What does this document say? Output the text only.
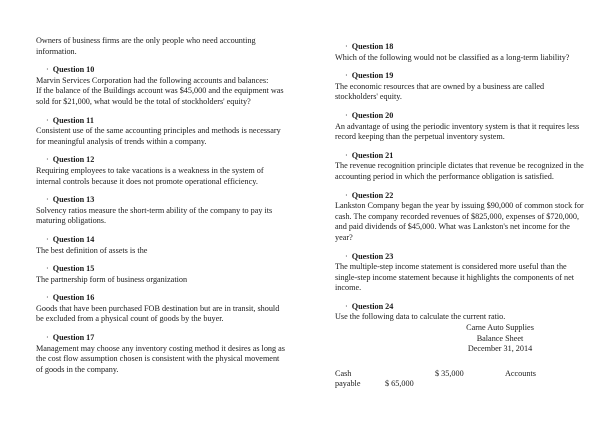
Owners of business firms are the only people who need accounting information.

· Question 10

Marvin Services Corporation had the following accounts and balances:
If the balance of the Buildings account was $45,000 and the equipment was sold for $21,000, what would be the total of stockholders' equity?

· Question 11

Consistent use of the same accounting principles and methods is necessary for meaningful analysis of trends within a company.

· Question 12

Requiring employees to take vacations is a weakness in the system of internal controls because it does not promote operational efficiency.

· Question 13

Solvency ratios measure the short-term ability of the company to pay its maturing obligations.

· Question 14

The best definition of assets is the

· Question 15

The partnership form of business organization

· Question 16

Goods that have been purchased FOB destination but are in transit, should be excluded from a physical count of goods by the buyer.

· Question 17

Management may choose any inventory costing method it desires as long as the cost flow assumption chosen is consistent with the physical movement of goods in the company.

· Question 18

Which of the following would not be classified as a long-term liability?

· Question 19

The economic resources that are owned by a business are called stockholders' equity.

· Question 20

An advantage of using the periodic inventory system is that it requires less record keeping than the perpetual inventory system.

· Question 21

The revenue recognition principle dictates that revenue be recognized in the accounting period in which the performance obligation is satisfied.

· Question 22

Lankston Company began the year by issuing $90,000 of common stock for cash. The company recorded revenues of $825,000, expenses of $720,000, and paid dividends of $45,000. What was Lankston's net income for the year?

· Question 23

The multiple-step income statement is considered more useful than the single-step income statement because it highlights the components of net income.

· Question 24

Use the following data to calculate the current ratio.

Carne Auto Supplies
Balance Sheet
December 31, 2014
Cash	$ 35,000	Accounts
payable	$ 65,000
